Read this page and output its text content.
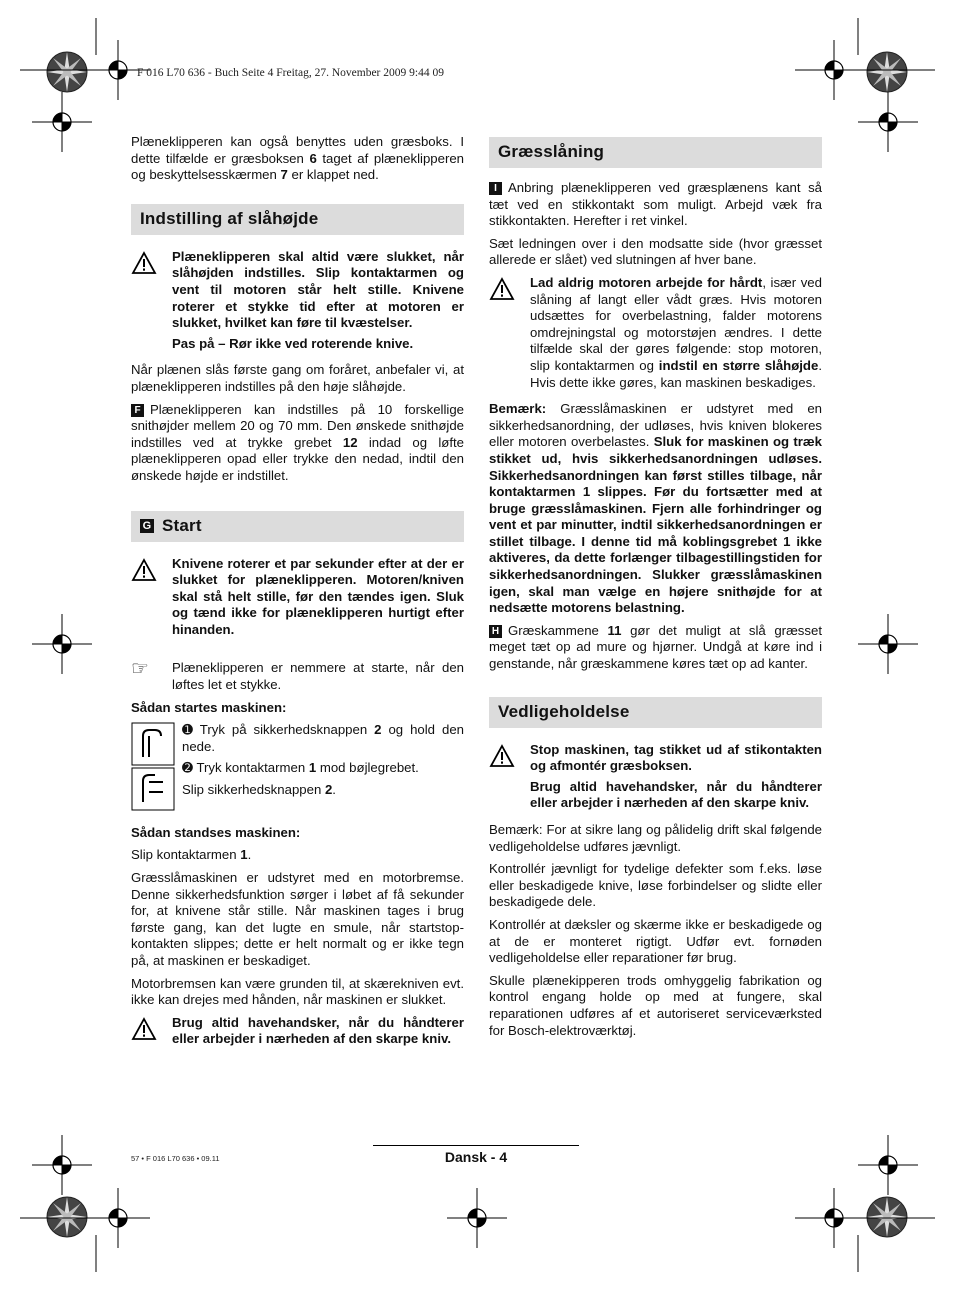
F 016 L70 636 - Buch Seite 4 Freitag, 27. November 2009 9:44 09

Plæneklipperen kan også benyttes uden græsboks. I dette tilfælde er græsboksen 6 taget af plæneklipperen og beskyttelsesskærmen 7 er klappet ned.

Indstilling af slåhøjde

Plæneklipperen skal altid være slukket, når slåhøjden indstilles. Slip kontaktarmen og vent til motoren står helt stille. Knivene roterer et stykke tid efter at motoren er slukket, hvilket kan føre til kvæstelser.

Pas på – Rør ikke ved roterende knive.

Når plænen slås første gang om foråret, anbefaler vi, at plæneklipperen indstilles på den høje slåhøjde.

F Plæneklipperen kan indstilles på 10 forskellige snithøjder mellem 20 og 70 mm. Den ønskede snithøjde indstilles ved at trykke grebet 12 indad og løfte plæneklipperen opad eller trykke den nedad, indtil den ønskede højde er indstillet.

G Start

Knivene roterer et par sekunder efter at der er slukket for plæneklipperen. Motoren/kniven skal stå helt stille, før den tændes igen. Sluk og tænd ikke for plæneklipperen hurtigt efter hinanden.

☞	Plæneklipperen er nemmere at starte, når den løftes let et stykke.

Sådan startes maskinen:

➊ Tryk på sikkerhedsknappen 2 og hold den nede.

➋ Tryk kontaktarmen 1 mod bøjlegrebet.

Slip sikkerhedsknappen 2.

Sådan standses maskinen:

Slip kontaktarmen 1.

Græsslåmaskinen er udstyret med en motorbremse. Denne sikkerhedsfunktion sørger i løbet af få sekunder for, at knivene står stille. Når maskinen tages i brug første gang, kan det lugte en smule, når startstop-kontakten slippes; dette er helt normalt og er ikke tegn på, at maskinen er beskadiget.

Motorbremsen kan være grunden til, at skærekniven evt. ikke kan drejes med hånden, når maskinen er slukket.

Brug altid havehandsker, når du håndterer eller arbejder i nærheden af den skarpe kniv.

Græsslåning

I Anbring plæneklipperen ved græsplænens kant så tæt ved en stikkontakt som muligt. Arbejd væk fra stikkontakten. Herefter i ret vinkel.

Sæt ledningen over i den modsatte side (hvor græsset allerede er slået) ved slutningen af hver bane.

Lad aldrig motoren arbejde for hårdt, især ved slåning af langt eller vådt græs. Hvis motoren udsættes for overbelastning, falder motorens omdrejningstal og motorstøjen ændres. I dette tilfælde skal der gøres følgende: stop motoren, slip kontaktarmen og indstil en større slåhøjde. Hvis dette ikke gøres, kan maskinen beskadiges.

Bemærk: Græsslåmaskinen er udstyret med en sikkerhedsanordning, der udløses, hvis kniven blokeres eller motoren overbelastes. Sluk for maskinen og træk stikket ud, hvis sikkerhedsanordningen udløses. Sikkerhedsanordningen kan først stilles tilbage, når kontaktarmen 1 slippes. Før du fortsætter med at bruge græsslåmaskinen. Fjern alle forhindringer og vent et par minutter, indtil sikkerhedsanordningen er stillet tilbage. I denne tid må koblingsgrebet 1 ikke aktiveres, da dette forlænger tilbagestillingstiden for sikkerhedsanordningen. Slukker græsslåmaskinen igen, skal man vælge en højere snithøjde for at nedsætte motorens belastning.

H Græskammene 11 gør det muligt at slå græsset meget tæt op ad mure og hjørner. Undgå at køre ind i genstande, når græskammene køres tæt op ad kanter.

Vedligeholdelse

Stop maskinen, tag stikket ud af stikontakten og afmontér græsboksen.

Brug altid havehandsker, når du håndterer eller arbejder i nærheden af den skarpe kniv.

Bemærk: For at sikre lang og pålidelig drift skal følgende vedligeholdelse udføres jævnligt.

Kontrollér jævnligt for tydelige defekter som f.eks. løse eller beskadigede knive, løse forbindelser og slidte eller beskadigede dele.

Kontrollér at dæksler og skærme ikke er beskadigede og at de er monteret rigtigt. Udfør evt. fornøden vedligeholdelse eller reparationer før brug.

Skulle plænekipperen trods omhyggelig fabrikation og kontrol engang holde op med at fungere, skal reparationen udføres af et autoriseret serviceværksted for Bosch-elektroværktøj.

Dansk - 4
57 • F 016 L70 636 • 09.11
